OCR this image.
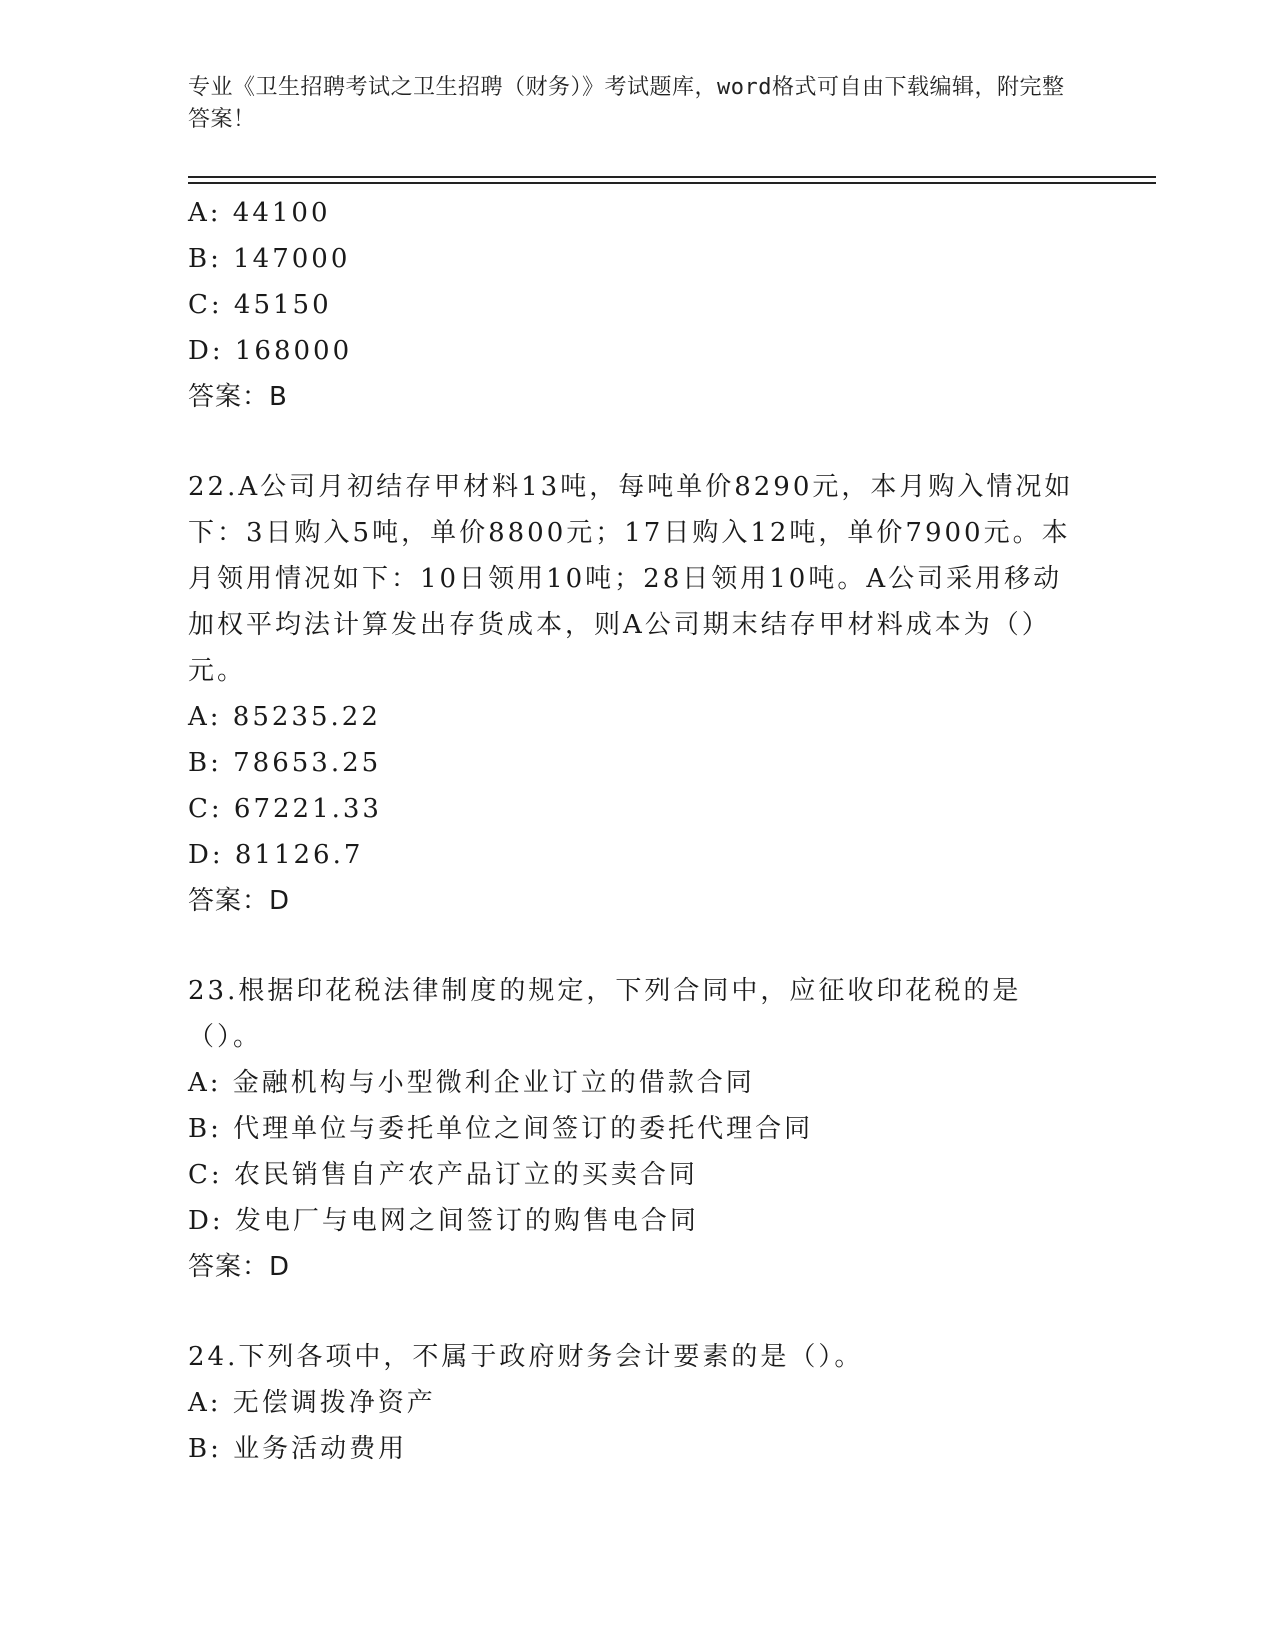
专业《卫生招聘考试之卫生招聘（财务）》考试题库，word格式可自由下载编辑，附完整答案！
A: 44100
B: 147000
C: 45150
D: 168000
答案：B
22.A公司月初结存甲材料13吨，每吨单价8290元，本月购入情况如下：3日购入5吨，单价8800元；17日购入12吨，单价7900元。本月领用情况如下：10日领用10吨；28日领用10吨。A公司采用移动加权平均法计算发出存货成本，则A公司期末结存甲材料成本为（）元。
A: 85235.22
B: 78653.25
C: 67221.33
D: 81126.7
答案：D
23.根据印花税法律制度的规定，下列合同中，应征收印花税的是（）。
A: 金融机构与小型微利企业订立的借款合同
B: 代理单位与委托单位之间签订的委托代理合同
C: 农民销售自产农产品订立的买卖合同
D: 发电厂与电网之间签订的购售电合同
答案：D
24.下列各项中，不属于政府财务会计要素的是（）。
A: 无偿调拨净资产
B: 业务活动费用
